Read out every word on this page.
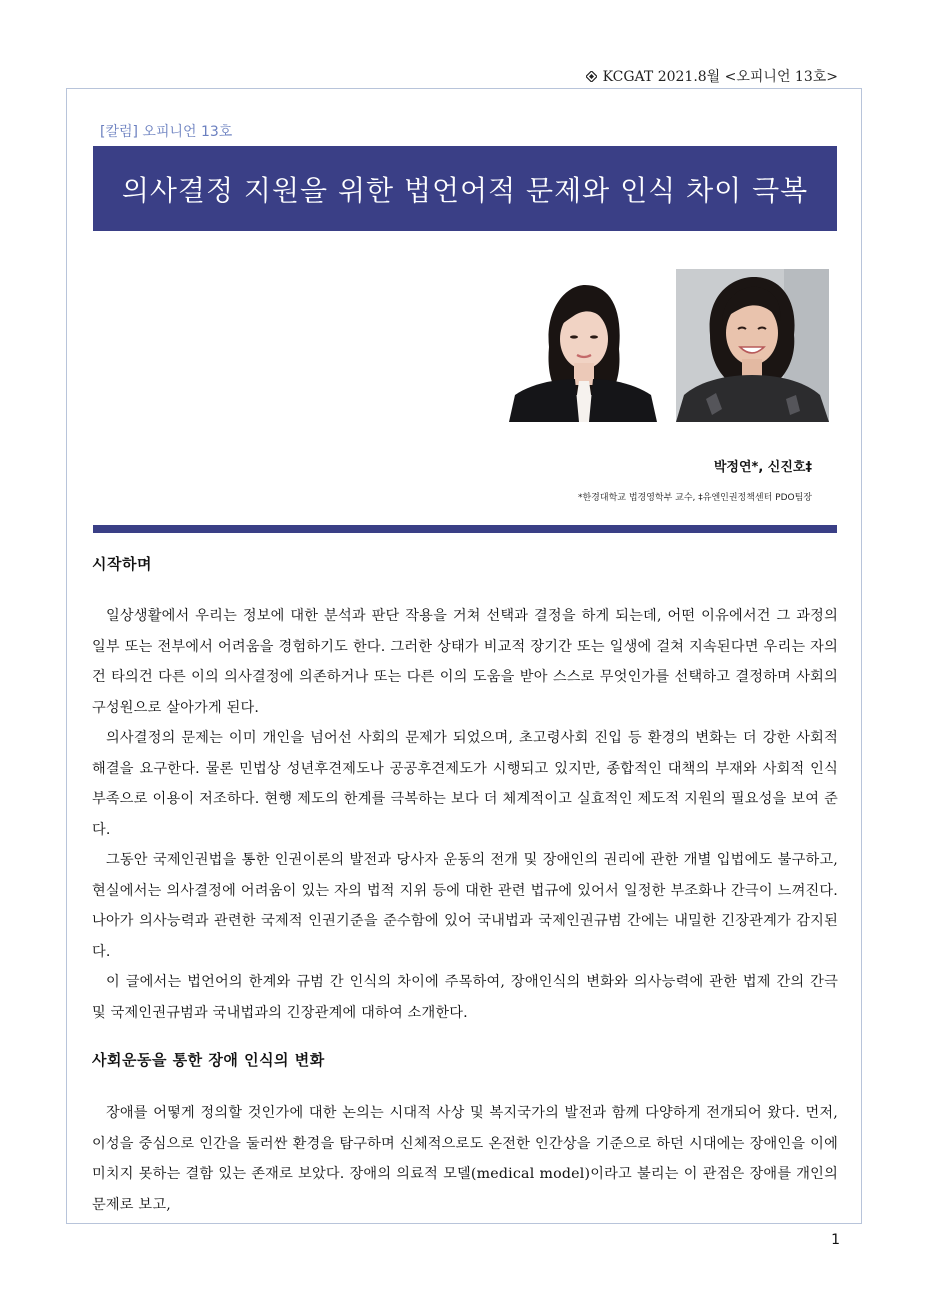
KCGAT 2021.8월 <오피니언 13호>
[칼럼] 오피니언 13호
의사결정 지원을 위한 법언어적 문제와 인식 차이 극복
박정연*, 신진호‡
*한경대학교 법경영학부 교수, ‡유엔인권정책센터 PDO팀장
시작하며

일상생활에서 우리는 정보에 대한 분석과 판단 작용을 거쳐 선택과 결정을 하게 되는데, 어떤 이유에서건 그 과정의 일부 또는 전부에서 어려움을 경험하기도 한다. 그러한 상태가 비교적 장기간 또는 일생에 걸쳐 지속된다면 우리는 자의건 타의건 다른 이의 의사결정에 의존하거나 또는 다른 이의 도움을 받아 스스로 무엇인가를 선택하고 결정하며 사회의 구성원으로 살아가게 된다.

의사결정의 문제는 이미 개인을 넘어선 사회의 문제가 되었으며, 초고령사회 진입 등 환경의 변화는 더 강한 사회적 해결을 요구한다. 물론 민법상 성년후견제도나 공공후견제도가 시행되고 있지만, 종합적인 대책의 부재와 사회적 인식 부족으로 이용이 저조하다. 현행 제도의 한계를 극복하는 보다 더 체계적이고 실효적인 제도적 지원의 필요성을 보여 준다.

그동안 국제인권법을 통한 인권이론의 발전과 당사자 운동의 전개 및 장애인의 권리에 관한 개별 입법에도 불구하고, 현실에서는 의사결정에 어려움이 있는 자의 법적 지위 등에 대한 관련 법규에 있어서 일정한 부조화나 간극이 느껴진다. 나아가 의사능력과 관련한 국제적 인권기준을 준수함에 있어 국내법과 국제인권규범 간에는 내밀한 긴장관계가 감지된다.

이 글에서는 법언어의 한계와 규범 간 인식의 차이에 주목하여, 장애인식의 변화와 의사능력에 관한 법제 간의 간극 및 국제인권규범과 국내법과의 긴장관계에 대하여 소개한다.

사회운동을 통한 장애 인식의 변화

장애를 어떻게 정의할 것인가에 대한 논의는 시대적 사상 및 복지국가의 발전과 함께 다양하게 전개되어 왔다. 먼저, 이성을 중심으로 인간을 둘러싼 환경을 탐구하며 신체적으로도 온전한 인간상을 기준으로 하던 시대에는 장애인을 이에 미치지 못하는 결함 있는 존재로 보았다. 장애의 의료적 모델(medical model)이라고 불리는 이 관점은 장애를 개인의 문제로 보고,

1
